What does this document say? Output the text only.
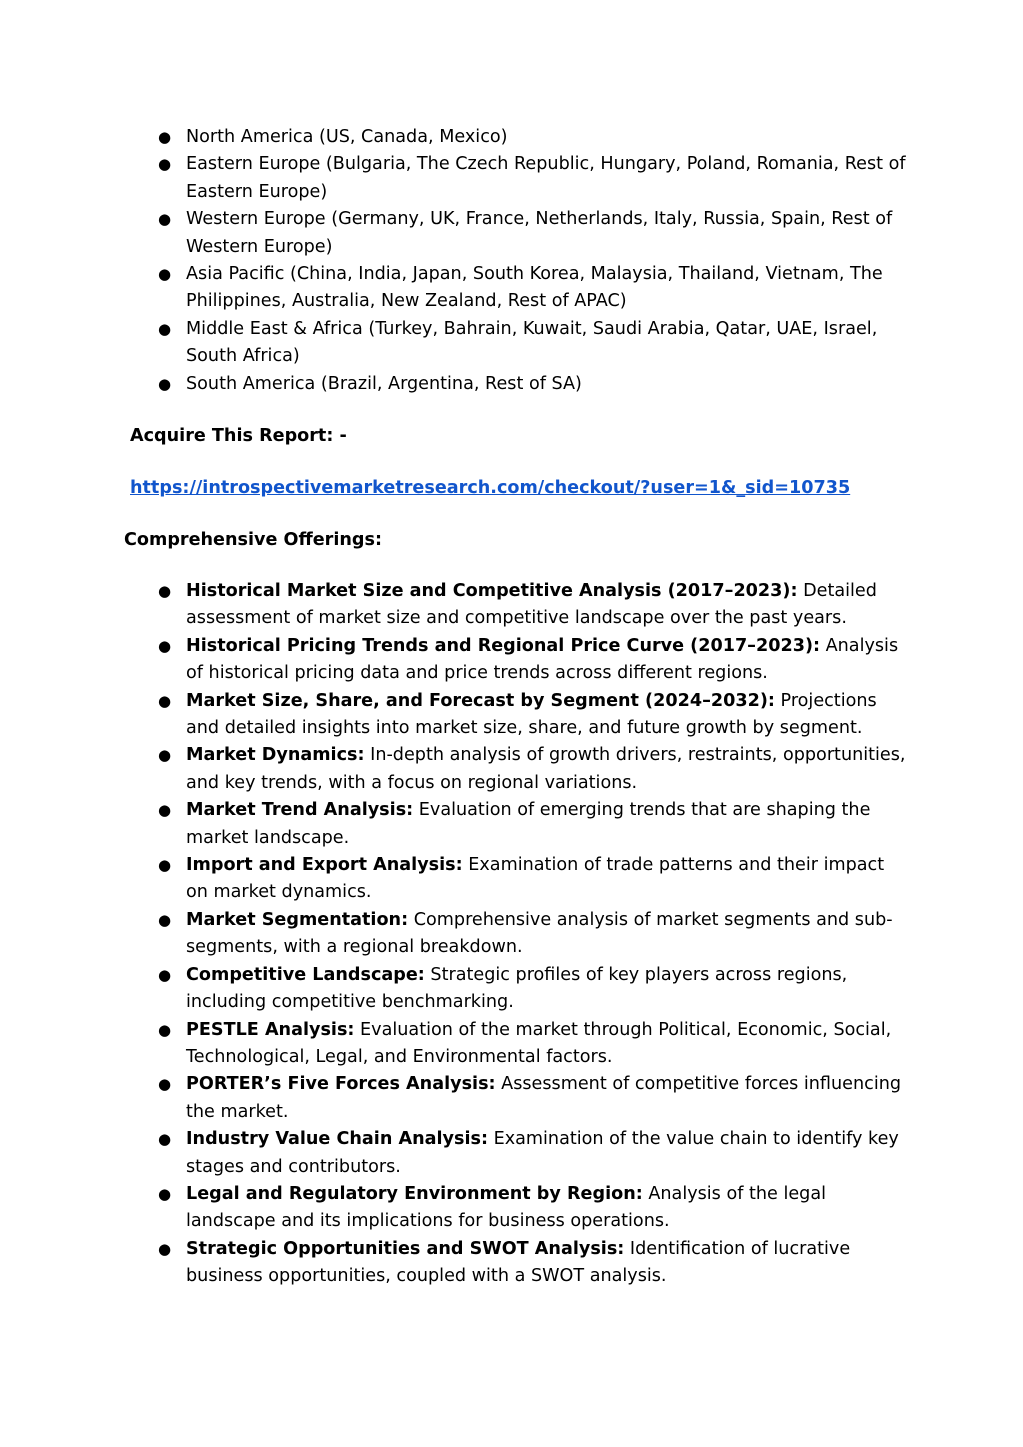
● North America (US, Canada, Mexico)
● Eastern Europe (Bulgaria, The Czech Republic, Hungary, Poland, Romania, Rest of Eastern Europe)
● Western Europe (Germany, UK, France, Netherlands, Italy, Russia, Spain, Rest of Western Europe)
● Asia Pacific (China, India, Japan, South Korea, Malaysia, Thailand, Vietnam, The Philippines, Australia, New Zealand, Rest of APAC)
● Middle East & Africa (Turkey, Bahrain, Kuwait, Saudi Arabia, Qatar, UAE, Israel, South Africa)
● South America (Brazil, Argentina, Rest of SA)

Acquire This Report: -

https://introspectivemarketresearch.com/checkout/?user=1&_sid=10735

Comprehensive Offerings:

● Historical Market Size and Competitive Analysis (2017–2023): Detailed assessment of market size and competitive landscape over the past years.
● Historical Pricing Trends and Regional Price Curve (2017–2023): Analysis of historical pricing data and price trends across different regions.
● Market Size, Share, and Forecast by Segment (2024–2032): Projections and detailed insights into market size, share, and future growth by segment.
● Market Dynamics: In-depth analysis of growth drivers, restraints, opportunities, and key trends, with a focus on regional variations.
● Market Trend Analysis: Evaluation of emerging trends that are shaping the market landscape.
● Import and Export Analysis: Examination of trade patterns and their impact on market dynamics.
● Market Segmentation: Comprehensive analysis of market segments and sub-segments, with a regional breakdown.
● Competitive Landscape: Strategic profiles of key players across regions, including competitive benchmarking.
● PESTLE Analysis: Evaluation of the market through Political, Economic, Social, Technological, Legal, and Environmental factors.
● PORTER’s Five Forces Analysis: Assessment of competitive forces influencing the market.
● Industry Value Chain Analysis: Examination of the value chain to identify key stages and contributors.
● Legal and Regulatory Environment by Region: Analysis of the legal landscape and its implications for business operations.
● Strategic Opportunities and SWOT Analysis: Identification of lucrative business opportunities, coupled with a SWOT analysis.
